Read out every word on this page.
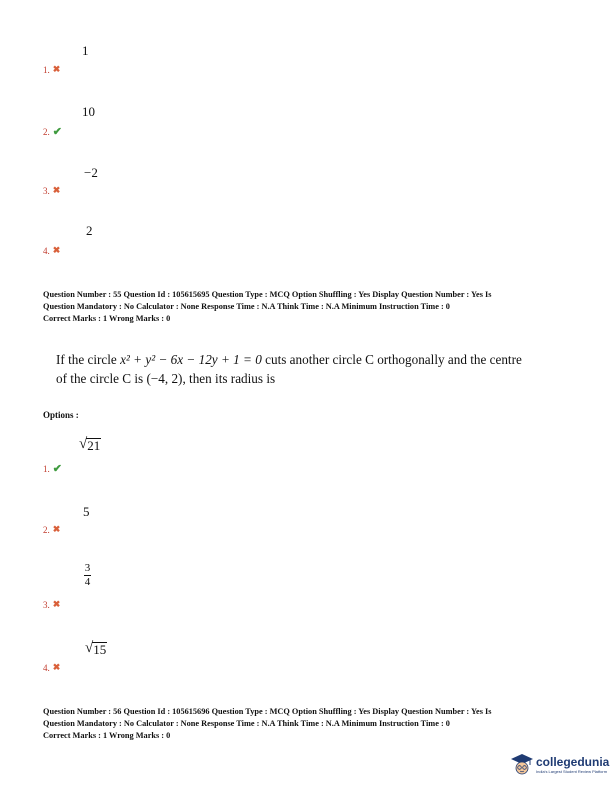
1
1. ✖
10
2. ✔
−2
3. ✖
2
4. ✖
Question Number : 55 Question Id : 105615695 Question Type : MCQ Option Shuffling : Yes Display Question Number : Yes Is
Question Mandatory : No Calculator : None Response Time : N.A Think Time : N.A Minimum Instruction Time : 0
Correct Marks : 1 Wrong Marks : 0
If the circle x² + y² − 6x − 12y + 1 = 0 cuts another circle C orthogonally and the centre
of the circle C is (−4, 2), then its radius is
Options :
√ 21
1. ✔
5
2. ✖
3
4
3. ✖
√ 15
4. ✖
Question Number : 56 Question Id : 105615696 Question Type : MCQ Option Shuffling : Yes Display Question Number : Yes Is
Question Mandatory : No Calculator : None Response Time : N.A Think Time : N.A Minimum Instruction Time : 0
Correct Marks : 1 Wrong Marks : 0
collegedunia
India's Largest Student Review Platform
